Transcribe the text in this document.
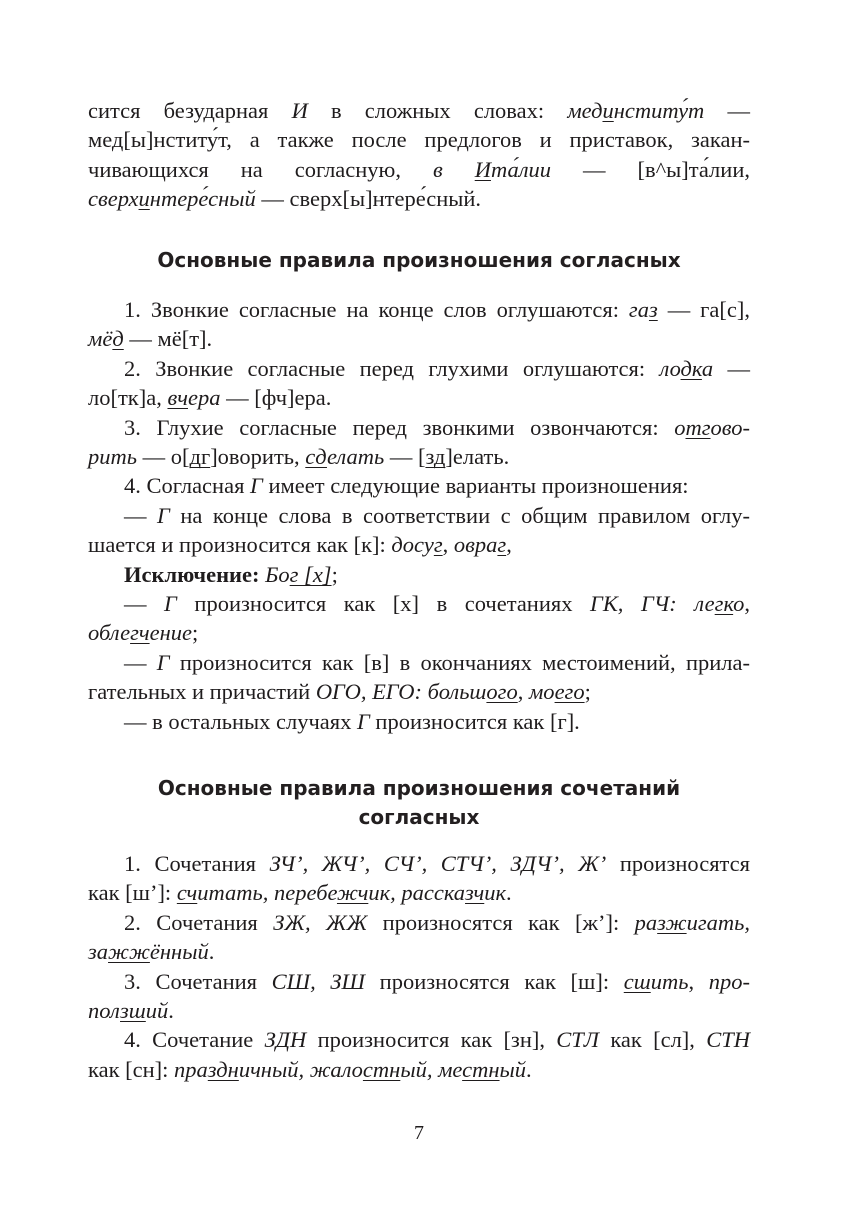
сится безударная И в сложных словах: мединститу́т —
мед[ы]нститу́т, а также после предлогов и приставок, закан-
чивающихся на согласную, в Ита́лии — [в^ы]та́лии,
сверхинтере́сный — сверх[ы]нтере́сный.
Основные правила произношения согласных
1. Звонкие согласные на конце слов оглушаются: газ — га[с],
мёд — мё[т].
2. Звонкие согласные перед глухими оглушаются: лодка —
ло[тк]а, вчера — [фч]ера.
3. Глухие согласные перед звонкими озвончаются: отгово-
рить — о[дг]оворить, сделать — [зд]елать.
4. Согласная Г имеет следующие варианты произношения:
— Г на конце слова в соответствии с общим правилом оглу-
шается и произносится как [к]: досуг, овраг,
Исключение: Бог [х];
— Г произносится как [х] в сочетаниях ГК, ГЧ: легко,
облегчение;
— Г произносится как [в] в окончаниях местоимений, прила-
гательных и причастий ОГО, ЕГО: большого, моего;
— в остальных случаях Г произносится как [г].
Основные правила произношения сочетаний
согласных
1. Сочетания ЗЧ’, ЖЧ’, СЧ’, СТЧ’, ЗДЧ’, Ж’ произносятся
как [ш’]: считать, перебежчик, рассказчик.
2. Сочетания ЗЖ, ЖЖ произносятся как [ж’]: разжигать,
зажжённый.
3. Сочетания СШ, ЗШ произносятся как [ш]: сшить, про-
ползший.
4. Сочетание ЗДН произносится как [зн], СТЛ как [сл], СТН
как [сн]: праздничный, жалостный, местный.
7
